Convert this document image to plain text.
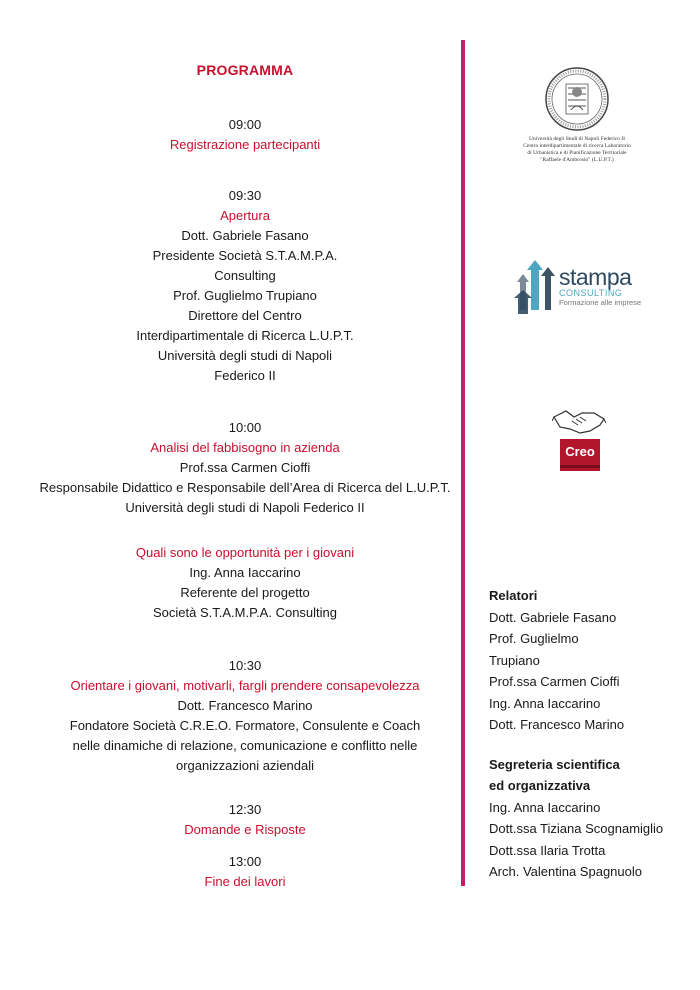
PROGRAMMA
09:00
Registrazione partecipanti
09:30
Apertura
Dott. Gabriele Fasano
Presidente Società S.T.A.M.P.A.
Consulting
Prof. Guglielmo Trupiano
Direttore del Centro
Interdipartimentale di Ricerca L.U.P.T.
Università degli studi di Napoli
Federico II
10:00
Analisi del fabbisogno in azienda
Prof.ssa Carmen Cioffi
Responsabile Didattico e Responsabile dell’Area di Ricerca del L.U.P.T.
Università degli studi di Napoli Federico II
Quali sono le opportunità per i giovani
Ing. Anna Iaccarino
Referente del progetto
Società S.T.A.M.P.A. Consulting
10:30
Orientare i giovani, motivarli, fargli prendere consapevolezza
Dott. Francesco Marino
Fondatore Società C.R.E.O. Formatore, Consulente e Coach
nelle dinamiche di relazione, comunicazione e conflitto nelle
organizzazioni aziendali
12:30
Domande e Risposte
13:00
Fine dei lavori
Università degli Studi di Napoli Federico II
Centro interdipartimentale di ricerca Laboratorio
di Urbanistica e di Pianificazione Territoriale
"Raffaele d'Ambrosio" (L.U.P.T.)
stampa
CONSULTING
Formazione alle imprese
Creo
Relatori
Dott. Gabriele Fasano
Prof. Guglielmo
Trupiano
Prof.ssa Carmen Cioffi
Ing. Anna Iaccarino
Dott. Francesco Marino
Segreteria scientifica
ed organizzativa
Ing. Anna Iaccarino
Dott.ssa Tiziana Scognamiglio
Dott.ssa Ilaria Trotta
Arch. Valentina Spagnuolo
